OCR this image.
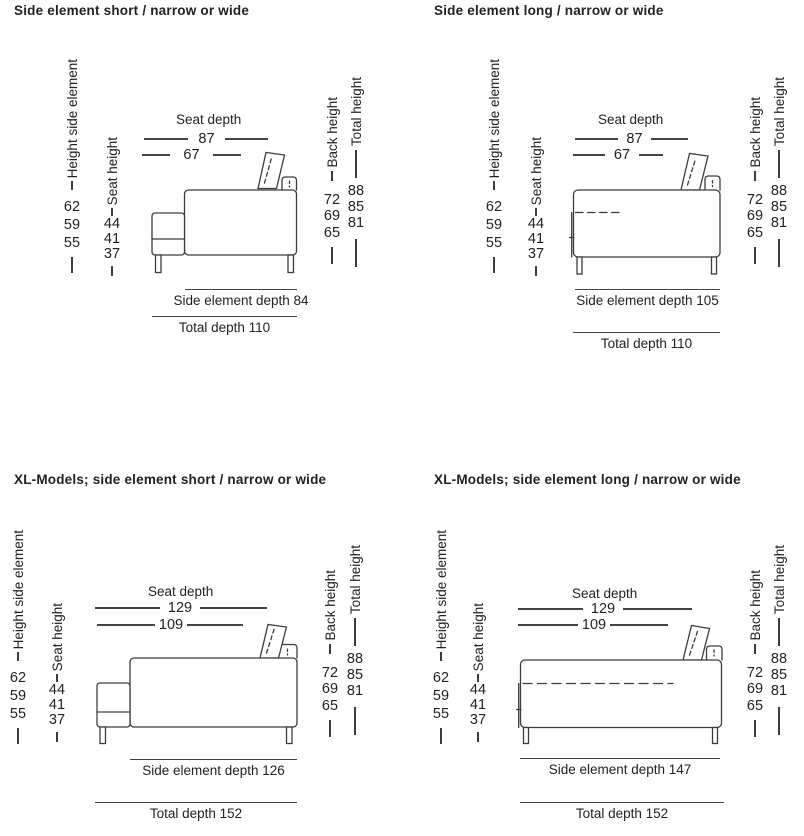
Side element short / narrow or wide
Height side element
62
59
55
Seat height
44
41
37
Back height
72
69
65
Total height
88
85
81
Seat depth
87
67
Side element depth 84
Total depth 110
Side element long / narrow or wide
Height side element
62
59
55
Seat height
44
41
37
Back height
72
69
65
Total height
88
85
81
Seat depth
87
67
Side element depth 105
Total depth 110
XL-Models; side element short / narrow or wide
Height side element
62
59
55
Seat height
44
41
37
Back height
72
69
65
Total height
88
85
81
Seat depth
129
109
Side element depth 126
Total depth 152
XL-Models; side element long / narrow or wide
Height side element
62
59
55
Seat height
44
41
37
Back height
72
69
65
Total height
88
85
81
Seat depth
129
109
Side element depth 147
Total depth 152
